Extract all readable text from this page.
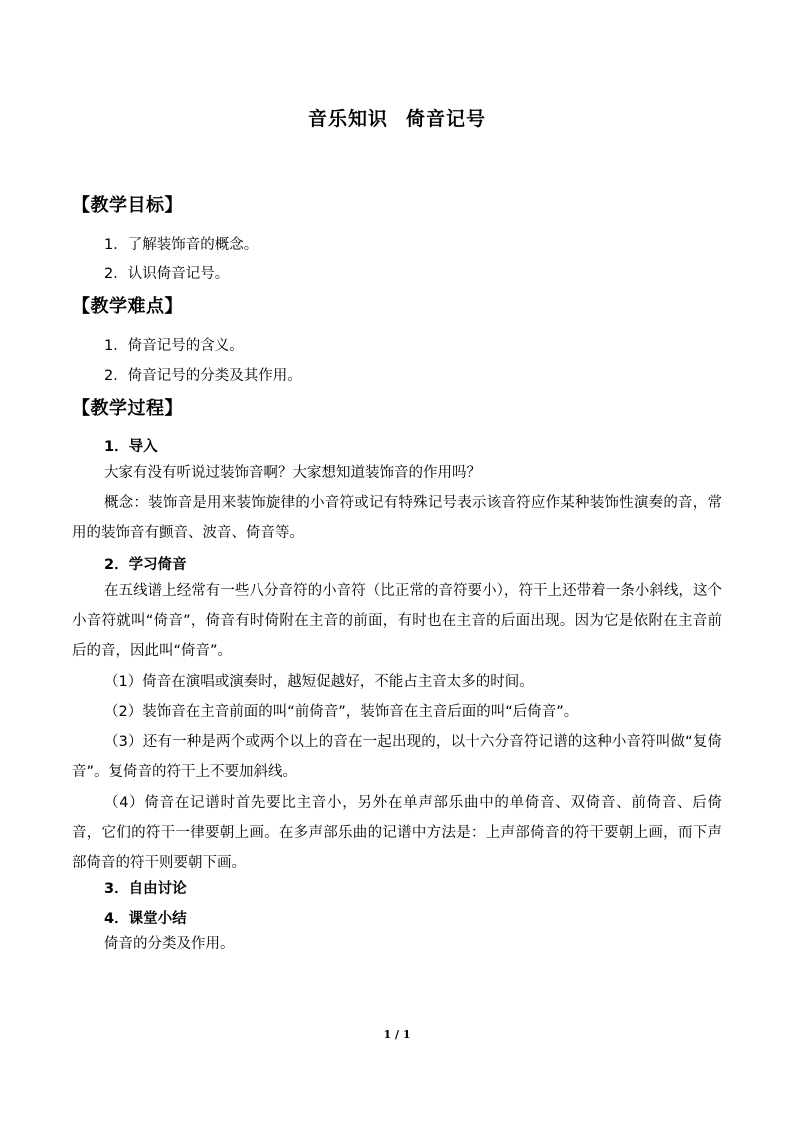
音乐知识 倚音记号
【教学目标】
1．了解装饰音的概念。
2．认识倚音记号。
【教学难点】
1．倚音记号的含义。
2．倚音记号的分类及其作用。
【教学过程】
1．导入
大家有没有听说过装饰音啊？大家想知道装饰音的作用吗？
概念：装饰音是用来装饰旋律的小音符或记有特殊记号表示该音符应作某种装饰性演奏的音，常用的装饰音有颤音、波音、倚音等。
2．学习倚音
在五线谱上经常有一些八分音符的小音符（比正常的音符要小），符干上还带着一条小斜线，这个小音符就叫“倚音”，倚音有时倚附在主音的前面，有时也在主音的后面出现。因为它是依附在主音前后的音，因此叫“倚音”。
（1）倚音在演唱或演奏时，越短促越好，不能占主音太多的时间。
（2）装饰音在主音前面的叫“前倚音”，装饰音在主音后面的叫“后倚音”。
（3）还有一种是两个或两个以上的音在一起出现的，以十六分音符记谱的这种小音符叫做“复倚音”。复倚音的符干上不要加斜线。
（4）倚音在记谱时首先要比主音小，另外在单声部乐曲中的单倚音、双倚音、前倚音、后倚音，它们的符干一律要朝上画。在多声部乐曲的记谱中方法是：上声部倚音的符干要朝上画，而下声部倚音的符干则要朝下画。
3．自由讨论
4．课堂小结
倚音的分类及作用。
1 / 1
